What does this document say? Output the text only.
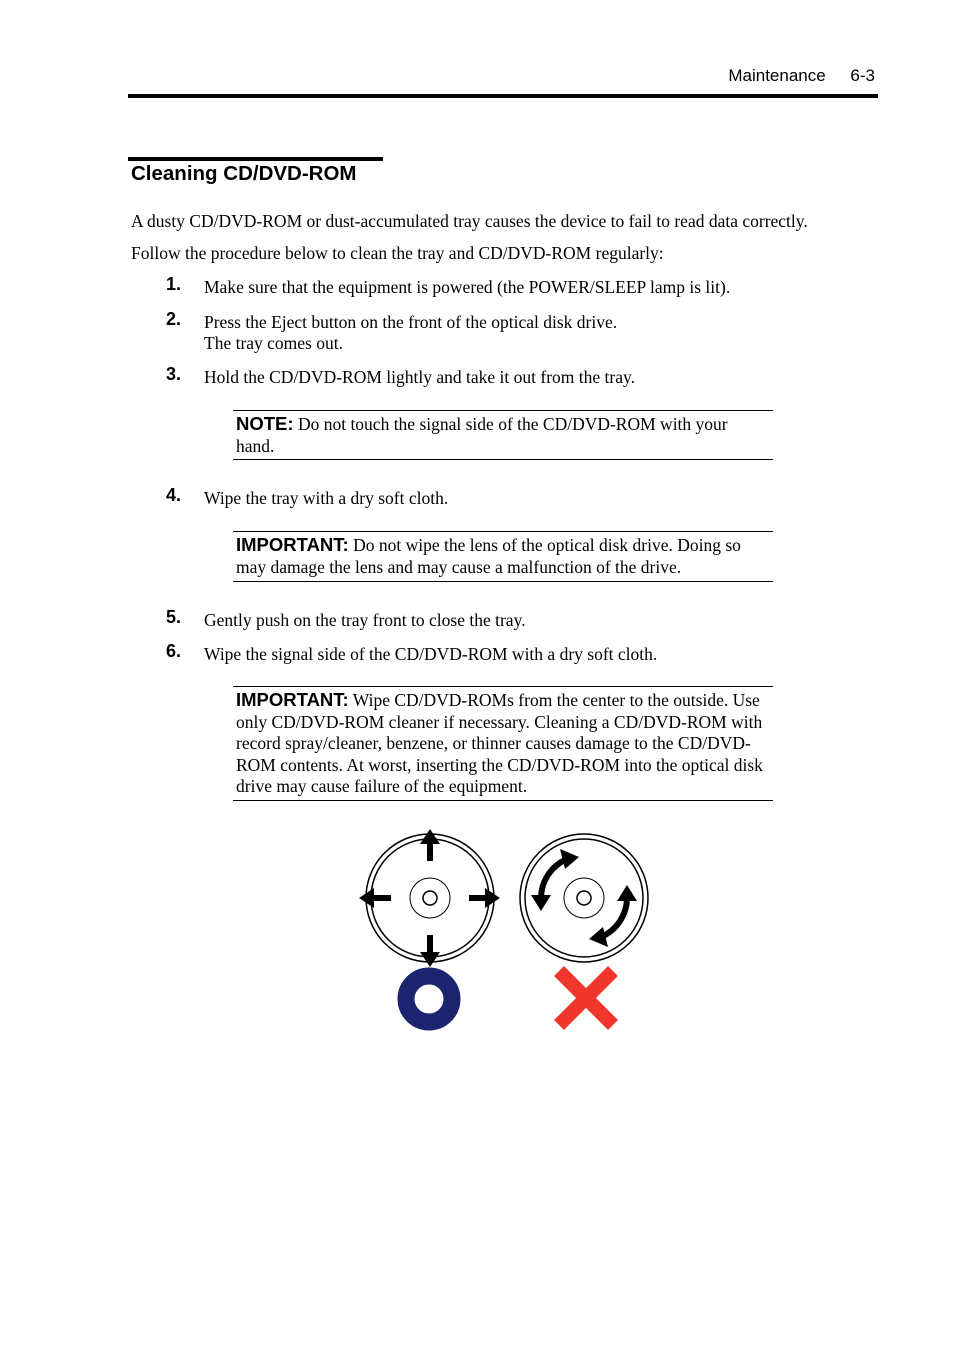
Maintenance 6-3
Cleaning CD/DVD-ROM
A dusty CD/DVD-ROM or dust-accumulated tray causes the device to fail to read data correctly.
Follow the procedure below to clean the tray and CD/DVD-ROM regularly:
1. Make sure that the equipment is powered (the POWER/SLEEP lamp is lit).
2. Press the Eject button on the front of the optical disk drive.
The tray comes out.
3. Hold the CD/DVD-ROM lightly and take it out from the tray.
NOTE: Do not touch the signal side of the CD/DVD-ROM with your hand.
4. Wipe the tray with a dry soft cloth.
IMPORTANT: Do not wipe the lens of the optical disk drive. Doing so may damage the lens and may cause a malfunction of the drive.
5. Gently push on the tray front to close the tray.
6. Wipe the signal side of the CD/DVD-ROM with a dry soft cloth.
IMPORTANT: Wipe CD/DVD-ROMs from the center to the outside. Use only CD/DVD-ROM cleaner if necessary. Cleaning a CD/DVD-ROM with record spray/cleaner, benzene, or thinner causes damage to the CD/DVD-ROM contents. At worst, inserting the CD/DVD-ROM into the optical disk drive may cause failure of the equipment.
